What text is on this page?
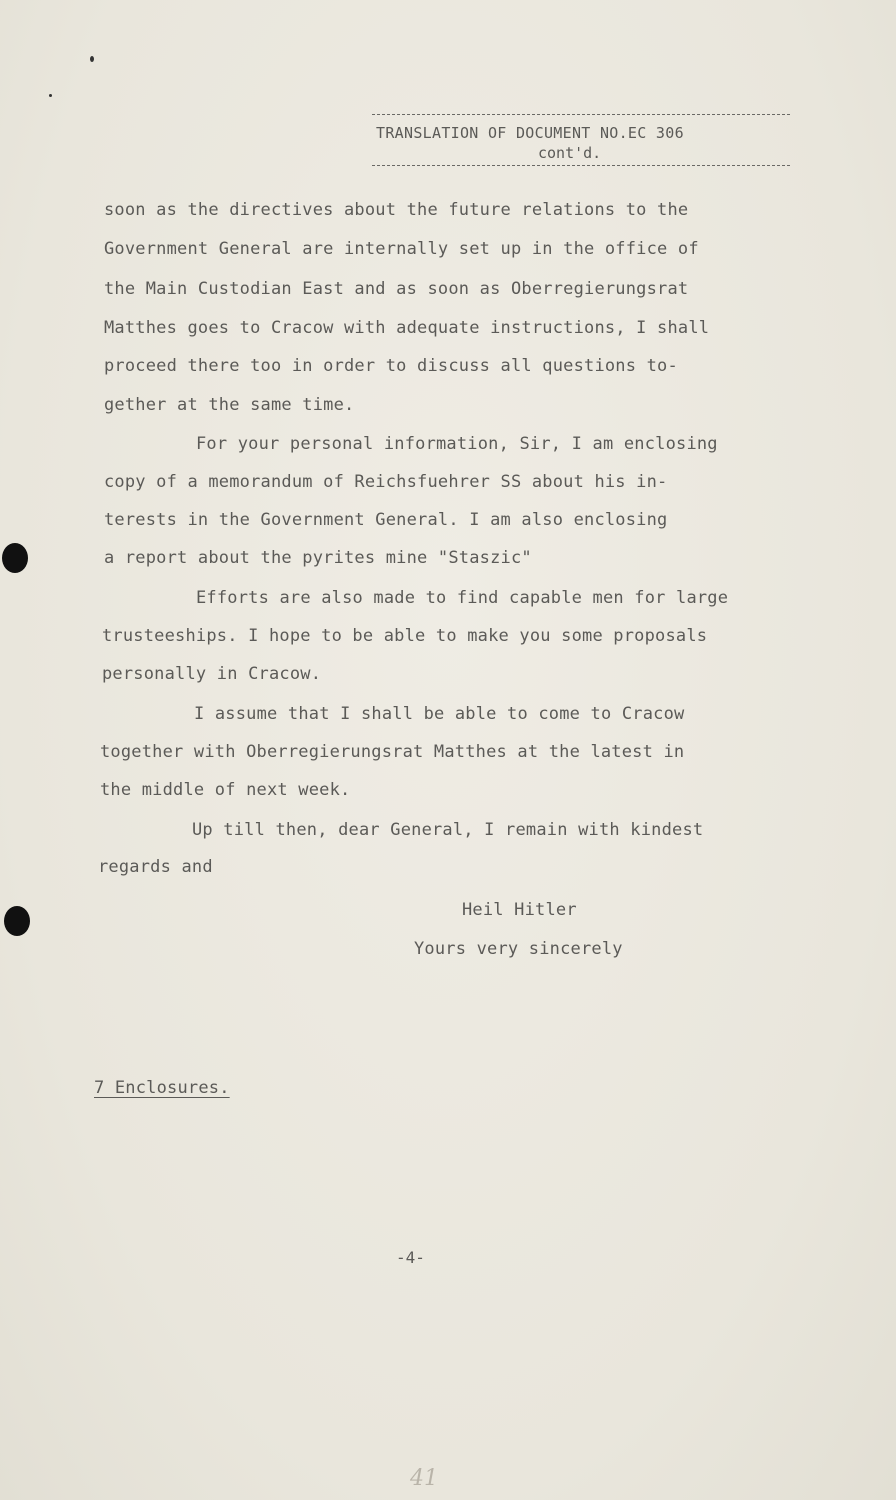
TRANSLATION OF DOCUMENT NO.EC 306
cont'd.
soon as the directives about the future relations to the
Government General are internally set up in the office of
the Main Custodian East and as soon as Oberregierungsrat
Matthes goes to Cracow with adequate instructions, I shall
proceed there too in order to discuss all questions to-
gether at the same time.
For your personal information, Sir, I am enclosing
copy of a memorandum of Reichsfuehrer SS about his in-
terests in the Government General. I am also enclosing
a report about the pyrites mine "Staszic"
Efforts are also made to find capable men for large
trusteeships. I hope to be able to make you some proposals
personally in Cracow.
I assume that I shall be able to come to Cracow
together with Oberregierungsrat Matthes at the latest in
the middle of next week.
Up till then, dear General, I remain with kindest
regards and
Heil Hitler
Yours very sincerely
7 Enclosures.
-4-
41
